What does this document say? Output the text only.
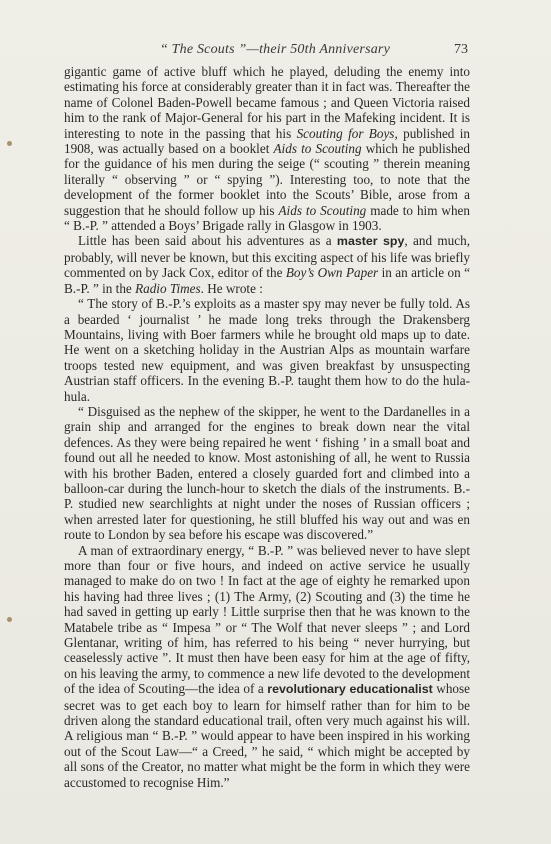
“ The Scouts ”—their 50th Anniversary	73

gigantic game of active bluff which he played, deluding the enemy into estimating his force at considerably greater than it in fact was. Thereafter the name of Colonel Baden-Powell became famous ; and Queen Victoria raised him to the rank of Major-General for his part in the Mafeking incident. It is interesting to note in the passing that his Scouting for Boys, published in 1908, was actually based on a booklet Aids to Scouting which he published for the guidance of his men during the seige (“ scouting ” therein meaning literally “ observing ” or “ spying ”). Interesting too, to note that the development of the former booklet into the Scouts’ Bible, arose from a suggestion that he should follow up his Aids to Scouting made to him when “ B.-P. ” attended a Boys’ Brigade rally in Glasgow in 1903.

Little has been said about his adventures as a master spy, and much, probably, will never be known, but this exciting aspect of his life was briefly commented on by Jack Cox, editor of the Boy’s Own Paper in an article on “ B.-P. ” in the Radio Times. He wrote :

“ The story of B.-P.’s exploits as a master spy may never be fully told. As a bearded ‘ journalist ’ he made long treks through the Drakensberg Mountains, living with Boer farmers while he brought old maps up to date. He went on a sketching holiday in the Austrian Alps as mountain warfare troops tested new equipment, and was given breakfast by unsuspecting Austrian staff officers. In the evening B.-P. taught them how to do the hula-hula.

“ Disguised as the nephew of the skipper, he went to the Dardanelles in a grain ship and arranged for the engines to break down near the vital defences. As they were being repaired he went ‘ fishing ’ in a small boat and found out all he needed to know. Most astonishing of all, he went to Russia with his brother Baden, entered a closely guarded fort and climbed into a balloon-car during the lunch-hour to sketch the dials of the instruments. B.-P. studied new searchlights at night under the noses of Russian officers ; when arrested later for questioning, he still bluffed his way out and was en route to London by sea before his escape was discovered.”

A man of extraordinary energy, “ B.-P. ” was believed never to have slept more than four or five hours, and indeed on active service he usually managed to make do on two ! In fact at the age of eighty he remarked upon his having had three lives ; (1) The Army, (2) Scouting and (3) the time he had saved in getting up early ! Little surprise then that he was known to the Matabele tribe as “ Impesa ” or “ The Wolf that never sleeps ” ; and Lord Glentanar, writing of him, has referred to his being “ never hurrying, but ceaselessly active ”. It must then have been easy for him at the age of fifty, on his leaving the army, to commence a new life devoted to the development of the idea of Scouting—the idea of a revolutionary educationalist whose secret was to get each boy to learn for himself rather than for him to be driven along the standard educational trail, often very much against his will. A religious man “ B.-P. ” would appear to have been inspired in his working out of the Scout Law—“ a Creed, ” he said, “ which might be accepted by all sons of the Creator, no matter what might be the form in which they were accustomed to recognise Him.”
